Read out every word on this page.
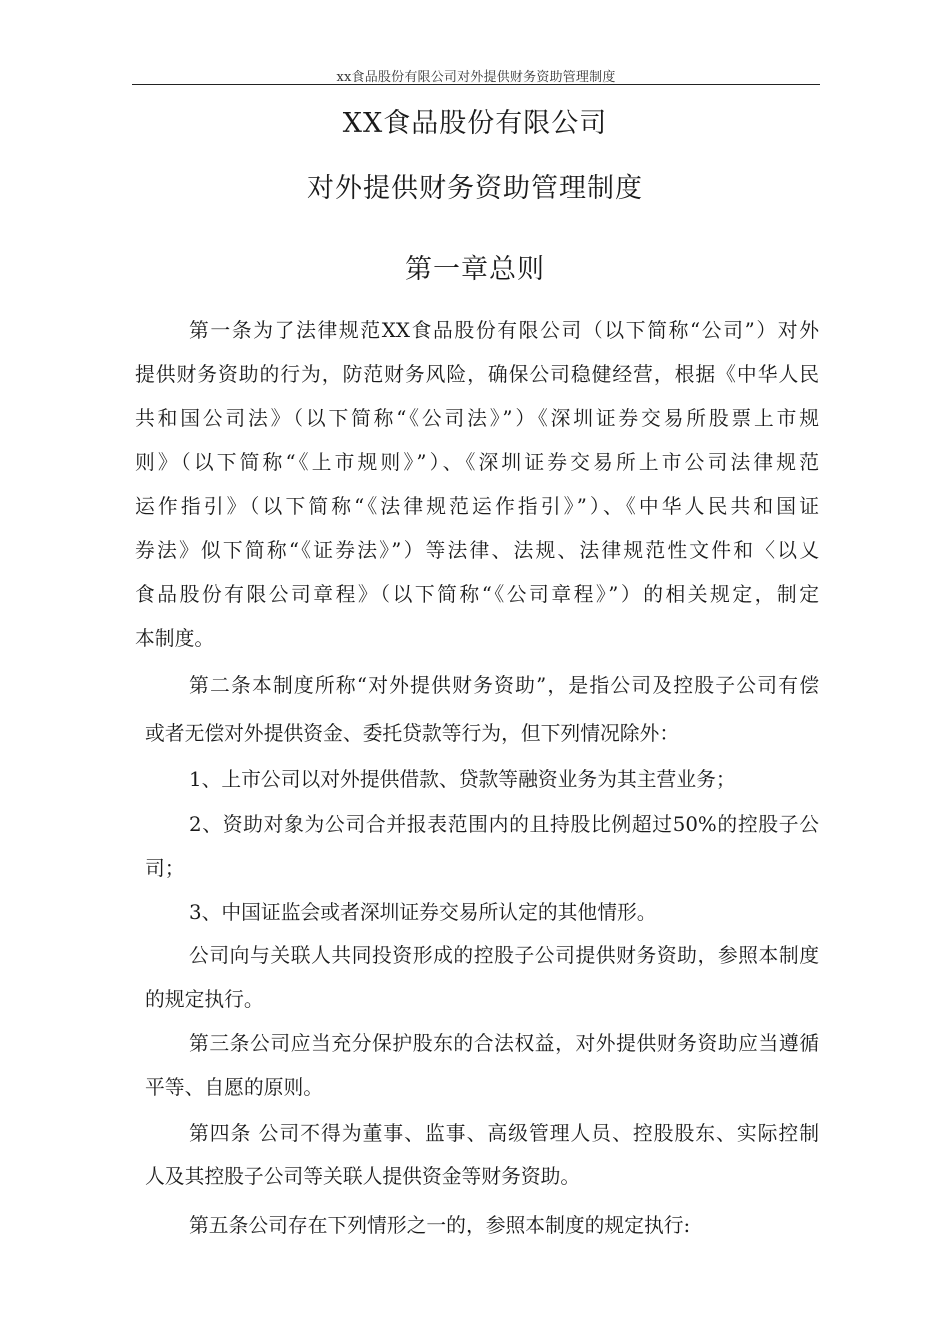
xx食品股份有限公司对外提供财务资助管理制度
XX食品股份有限公司
对外提供财务资助管理制度
第一章总则
第一条为了法律规范XX食品股份有限公司（以下简称“公司”）对外
提供财务资助的行为，防范财务风险，确保公司稳健经营，根据《中华人民
共和国公司法》（以下简称“《公司法》”）《深圳证券交易所股票上市规
则》（以下简称“《上市规则》”）、《深圳证券交易所上市公司法律规范
运作指引》（以下简称“《法律规范运作指引》”）、《中华人民共和国证
券法》似下简称“《证券法》”）等法律、法规、法律规范性文件和〈以乂
食品股份有限公司章程》（以下简称“《公司章程》”）的相关规定，制定
本制度。
第二条本制度所称“对外提供财务资助”，是指公司及控股子公司有偿
或者无偿对外提供资金、委托贷款等行为，但下列情况除外：
1、上市公司以对外提供借款、贷款等融资业务为其主营业务；
2、资助对象为公司合并报表范围内的且持股比例超过50%的控股子公
司；
3、中国证监会或者深圳证券交易所认定的其他情形。
公司向与关联人共同投资形成的控股子公司提供财务资助，参照本制度
的规定执行。
第三条公司应当充分保护股东的合法权益，对外提供财务资助应当遵循
平等、自愿的原则。
第四条 公司不得为董事、监事、高级管理人员、控股股东、实际控制
人及其控股子公司等关联人提供资金等财务资助。
第五条公司存在下列情形之一的，参照本制度的规定执行:
